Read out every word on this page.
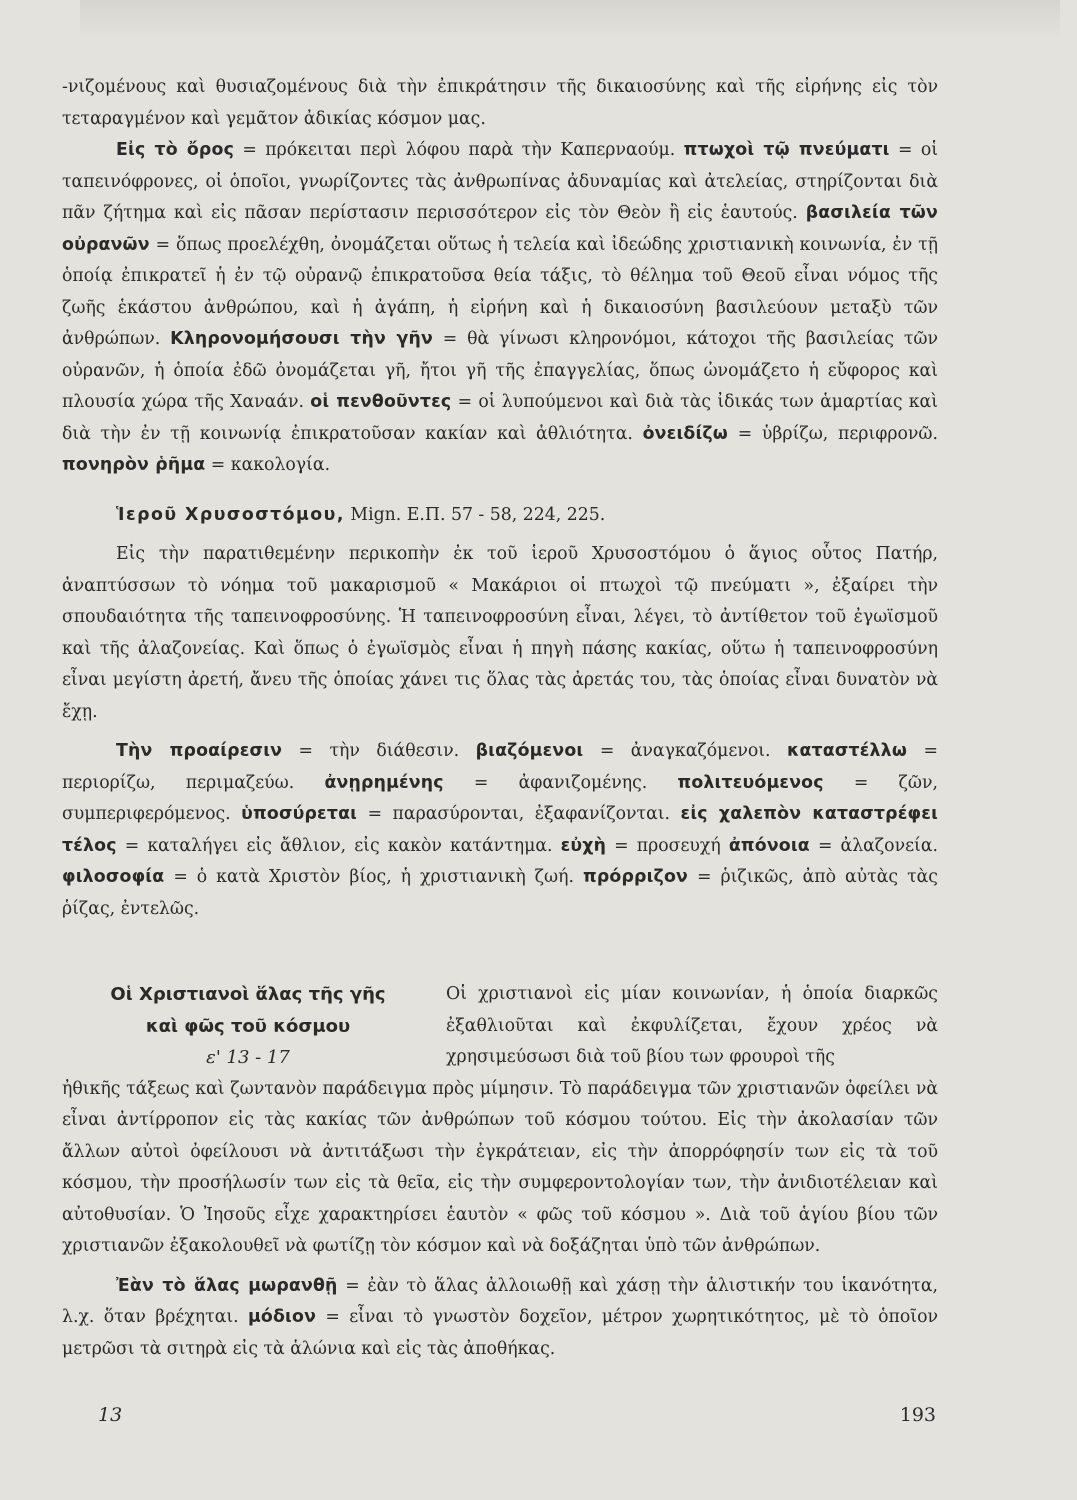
-νιζομένους καὶ θυσιαζομένους διὰ τὴν ἐπικράτησιν τῆς δικαιοσύνης καὶ τῆς εἰρήνης εἰς τὸν τεταραγμένον καὶ γεμᾶτον ἀδικίας κόσμον μας.

Εἰς τὸ ὄρος = πρόκειται περὶ λόφου παρὰ τὴν Καπερναούμ. πτωχοὶ τῷ πνεύματι = οἱ ταπεινόφρονες, οἱ ὁποῖοι, γνωρίζοντες τὰς ἀνθρωπίνας ἀδυναμίας καὶ ἀτελείας, στηρίζονται διὰ πᾶν ζήτημα καὶ εἰς πᾶσαν περίστασιν περισσότερον εἰς τὸν Θεὸν ἢ εἰς ἑαυτούς. βασιλεία τῶν οὐρανῶν = ὅπως προελέχθη, ὀνομάζεται οὕτως ἡ τελεία καὶ ἰδεώδης χριστιανικὴ κοινωνία, ἐν τῇ ὁποίᾳ ἐπικρατεῖ ἡ ἐν τῷ οὐρανῷ ἐπικρατοῦσα θεία τάξις, τὸ θέλημα τοῦ Θεοῦ εἶναι νόμος τῆς ζωῆς ἑκάστου ἀνθρώπου, καὶ ἡ ἀγάπη, ἡ εἰρήνη καὶ ἡ δικαιοσύνη βασιλεύουν μεταξὺ τῶν ἀνθρώπων. Κληρονομήσουσι τὴν γῆν = θὰ γίνωσι κληρονόμοι, κάτοχοι τῆς βασιλείας τῶν οὐρανῶν, ἡ ὁποία ἐδῶ ὀνομάζεται γῆ, ἤτοι γῆ τῆς ἐπαγγελίας, ὅπως ὠνομάζετο ἡ εὔφορος καὶ πλουσία χώρα τῆς Χαναάν. οἱ πενθοῦντες = οἱ λυπούμενοι καὶ διὰ τὰς ἰδικάς των ἁμαρτίας καὶ διὰ τὴν ἐν τῇ κοινωνίᾳ ἐπικρατοῦσαν κακίαν καὶ ἀθλιότητα. ὀνειδίζω = ὑβρίζω, περιφρονῶ. πονηρὸν ῥῆμα = κακολογία.

Ἱεροῦ Χρυσοστόμου, Mign. Ε.Π. 57 - 58, 224, 225.

Εἰς τὴν παρατιθεμένην περικοπὴν ἐκ τοῦ ἱεροῦ Χρυσοστόμου ὁ ἅγιος οὗτος Πατήρ, ἀναπτύσσων τὸ νόημα τοῦ μακαρισμοῦ « Μακάριοι οἱ πτωχοὶ τῷ πνεύματι », ἐξαίρει τὴν σπουδαιότητα τῆς ταπεινοφροσύνης. Ἡ ταπεινοφροσύνη εἶναι, λέγει, τὸ ἀντίθετον τοῦ ἐγωϊσμοῦ καὶ τῆς ἀλαζονείας. Καὶ ὅπως ὁ ἐγωϊσμὸς εἶναι ἡ πηγὴ πάσης κακίας, οὕτω ἡ ταπεινοφροσύνη εἶναι μεγίστη ἀρετή, ἄνευ τῆς ὁποίας χάνει τις ὅλας τὰς ἀρετάς του, τὰς ὁποίας εἶναι δυνατὸν νὰ ἔχῃ.

Τὴν προαίρεσιν = τὴν διάθεσιν. βιαζόμενοι = ἀναγκαζόμενοι. καταστέλλω = περιορίζω, περιμαζεύω. ἀνῃρημένης = ἀφανιζομένης. πολιτευόμενος = ζῶν, συμπεριφερόμενος. ὑποσύρεται = παρασύρονται, ἐξαφανίζονται. εἰς χαλεπὸν καταστρέφει τέλος = καταλήγει εἰς ἄθλιον, εἰς κακὸν κατάντημα. εὐχὴ = προσευχή ἀπόνοια = ἀλαζονεία. φιλοσοφία = ὁ κατὰ Χριστὸν βίος, ἡ χριστιανικὴ ζωή. πρόρριζον = ῥιζικῶς, ἀπὸ αὐτὰς τὰς ῥίζας, ἐντελῶς.

Οἱ Χριστιανοὶ ἅλας τῆς γῆς
καὶ φῶς τοῦ κόσμου
ε' 13 - 17
Οἱ χριστιανοὶ εἰς μίαν κοινωνίαν, ἡ ὁποία διαρκῶς ἐξαθλιοῦται καὶ ἐκφυλίζεται, ἔχουν χρέος νὰ χρησιμεύσωσι διὰ τοῦ βίου των φρουροὶ τῆς

ἠθικῆς τάξεως καὶ ζωντανὸν παράδειγμα πρὸς μίμησιν. Τὸ παράδειγμα τῶν χριστιανῶν ὀφείλει νὰ εἶναι ἀντίρροπον εἰς τὰς κακίας τῶν ἀνθρώπων τοῦ κόσμου τούτου. Εἰς τὴν ἀκολασίαν τῶν ἄλλων αὐτοὶ ὀφείλουσι νὰ ἀντιτάξωσι τὴν ἐγκράτειαν, εἰς τὴν ἀπορρόφησίν των εἰς τὰ τοῦ κόσμου, τὴν προσήλωσίν των εἰς τὰ θεῖα, εἰς τὴν συμφεροντολογίαν των, τὴν ἀνιδιοτέλειαν καὶ αὐτοθυσίαν. Ὁ Ἰησοῦς εἶχε χαρακτηρίσει ἑαυτὸν « φῶς τοῦ κόσμου ». Διὰ τοῦ ἁγίου βίου τῶν χριστιανῶν ἐξακολουθεῖ νὰ φωτίζῃ τὸν κόσμον καὶ νὰ δοξάζηται ὑπὸ τῶν ἀνθρώπων.

Ἐὰν τὸ ἅλας μωρανθῇ = ἐὰν τὸ ἅλας ἀλλοιωθῇ καὶ χάσῃ τὴν ἁλιστικήν του ἱκανότητα, λ.χ. ὅταν βρέχηται. μόδιον = εἶναι τὸ γνωστὸν δοχεῖον, μέτρον χωρητικότητος, μὲ τὸ ὁποῖον μετρῶσι τὰ σιτηρὰ εἰς τὰ ἁλώνια καὶ εἰς τὰς ἀποθήκας.

13	193
